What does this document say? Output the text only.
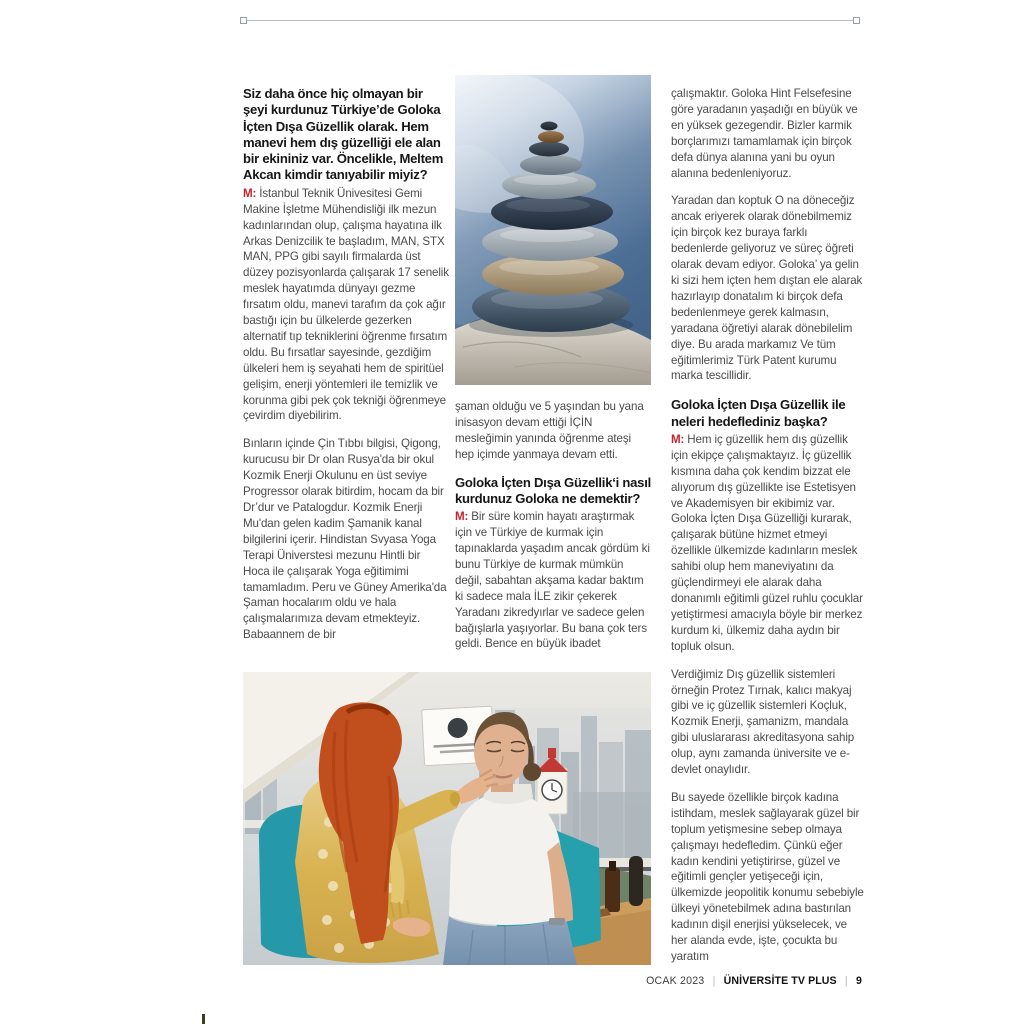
Siz daha önce hiç olmayan bir şeyi kurdunuz Türkiye’de Goloka İçten Dışa Güzellik olarak. Hem manevi hem dış güzelliği ele alan bir ekininiz var. Öncelikle, Meltem Akcan kimdir tanıyabilir miyiz?

M: İstanbul Teknik Ünivesitesi Gemi Makine İşletme Mühendisliği ilk mezun kadınlarından olup, çalışma hayatına ilk Arkas Denizcilik te başladım, MAN, STX MAN, PPG gibi sayılı firmalarda üst düzey pozisyonlarda çalışarak 17 senelik meslek hayatımda dünyayı gezme fırsatım oldu, manevi tarafım da çok ağır bastığı için bu ülkelerde gezerken alternatif tıp tekniklerini öğrenme fırsatım oldu. Bu fırsatlar sayesinde, gezdiğim ülkeleri hem iş seyahati hem de spiritüel gelişim, enerji yöntemleri ile temizlik ve korunma gibi pek çok tekniği öğrenmeye çevirdim diyebilirim.

Bınların içinde Çin Tıbbı bilgisi, Qigong, kurucusu bir Dr olan Rusya'da bir okul Kozmik Enerji Okulunu en üst seviye Progressor olarak bitirdim, hocam da bir Dr’dur ve Patalogdur. Kozmik Enerji Mu'dan gelen kadim Şamanik kanal bilgilerini içerir. Hindistan Svyasa Yoga Terapi Üniverstesi mezunu Hintli bir Hoca ile çalışarak Yoga eğitimimi tamamladım. Peru ve Güney Amerika'da Şaman hocalarım oldu ve hala çalışmalarımıza devam etmekteyiz. Babaannem de bir

şaman olduğu ve 5 yaşından bu yana inisasyon devam ettiği İÇİN mesleğimin yanında öğrenme ateşi hep içimde yanmaya devam etti.

Goloka İçten Dışa Güzellik‘i nasıl kurdunuz Goloka ne demektir?

M: Bir süre komin hayatı araştırmak için ve Türkiye de kurmak için tapınaklarda yaşadım ancak gördüm ki bunu Türkiye de kurmak mümkün değil, sabahtan akşama kadar baktım ki sadece mala İLE zikir çekerek Yaradanı zikredyırlar ve sadece gelen bağışlarla yaşıyorlar. Bu bana çok ters geldi. Bence en büyük ibadet

çalışmaktır. Goloka Hint Felsefesine göre yaradanın yaşadığı en büyük ve en yüksek gezegendir. Bizler karmik borçlarımızı tamamlamak için birçok defa dünya alanına yani bu oyun alanına bedenleniyoruz.

Yaradan dan koptuk O na döneceğiz ancak eriyerek olarak dönebilmemiz için birçok kez buraya farklı bedenlerde geliyoruz ve süreç öğreti olarak devam ediyor. Goloka’ ya gelin ki sizi hem içten hem dıştan ele alarak hazırlayıp donatalım ki birçok defa bedenlenmeye gerek kalmasın, yaradana öğretiyi alarak dönebilelim diye. Bu arada markamız Ve tüm eğitimlerimiz Türk Patent kurumu marka tescillidir.

Goloka İçten Dışa Güzellik ile neleri hedeflediniz başka?

M: Hem iç güzellik hem dış güzellik için ekipçe çalışmaktayız. İç güzellik kısmına daha çok kendim bizzat ele alıyorum dış güzellikte ise Estetisyen ve Akademisyen bir ekibimiz var. Goloka İçten Dışa Güzelliği kurarak, çalışarak bütüne hizmet etmeyi özellikle ülkemizde kadınların meslek sahibi olup hem maneviyatını da güçlendirmeyi ele alarak daha donanımlı eğitimli güzel ruhlu çocuklar yetiştirmesi amacıyla böyle bir merkez kurdum ki, ülkemiz daha aydın bir topluk olsun.

Verdiğimiz Dış güzellik sistemleri örneğin Protez Tırnak, kalıcı makyaj gibi ve iç güzellik sistemleri Koçluk, Kozmik Enerji, şamanizm, mandala gibi uluslararası akreditasyona sahip olup, aynı zamanda üniversite ve e-devlet onaylıdır.

Bu sayede özellikle birçok kadına istihdam, meslek sağlayarak güzel bir toplum yetişmesine sebep olmaya çalışmayı hedefledim. Çünkü eğer kadın kendini yetiştirirse, güzel ve eğitimli gençler yetişeceği için, ülkemizde jeopolitik konumu sebebiyle ülkeyi yönetebilmek adına bastırılan kadının dişil enerjisi yükselecek, ve her alanda evde, işte, çocukta bu yaratım

OCAK 2023 | ÜNİVERSİTE TV PLUS | 9
